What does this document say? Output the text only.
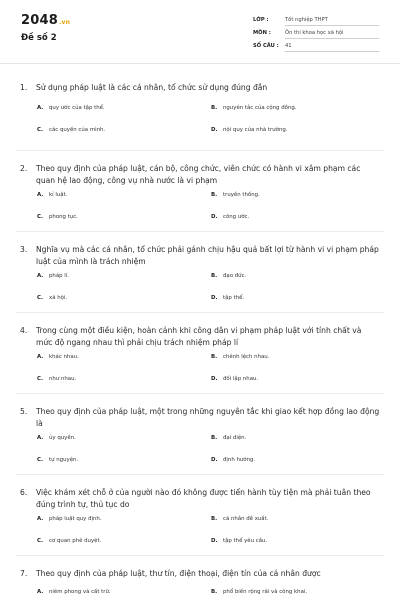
2048.vn
Đề số 2
LỚP :	Tốt nghiệp THPT
MÔN :	Ôn thi khoa học xã hội
SỐ CÂU :	41
1.	Sử dụng pháp luật là các cá nhân, tổ chức sử dụng đúng đắn
A.	quy ước của tập thể.	B.	nguyên tắc của cộng đồng.
C.	các quyền của mình.	D.	nội quy của nhà trường.
2.	Theo quy định của pháp luật, cán bộ, công chức, viên chức có hành vi xâm phạm các quan hệ lao động, công vụ nhà nước là vi phạm
A.	kỉ luật.	B.	truyền thống.
C.	phong tục.	D.	công ước.
3.	Nghĩa vụ mà các cá nhân, tổ chức phải gánh chịu hậu quả bất lợi từ hành vi vi phạm pháp luật của mình là trách nhiệm
A.	pháp lí.	B.	đạo đức.
C.	xã hội.	D.	tập thể.
4.	Trong cùng một điều kiện, hoàn cảnh khi công dân vi phạm pháp luật với tính chất và mức độ ngang nhau thì phải chịu trách nhiệm pháp lí
A.	khác nhau.	B.	chênh lệch nhau.
C.	như nhau.	D.	đối lập nhau.
5.	Theo quy định của pháp luật, một trong những nguyên tắc khi giao kết hợp đồng lao động là
A.	ủy quyền.	B.	đại diện.
C.	tự nguyện.	D.	định hướng.
6.	Việc khám xét chỗ ở của người nào đó không được tiến hành tùy tiện mà phải tuân theo đúng trình tự, thủ tục do
A.	pháp luật quy định.	B.	cá nhân đề xuất.
C.	cơ quan phê duyệt.	D.	tập thể yêu cầu.
7.	Theo quy định của pháp luật, thư tín, điện thoại, điện tín của cá nhân được
A.	niêm phong và cất trữ.	B.	phổ biến rộng rãi và công khai.
